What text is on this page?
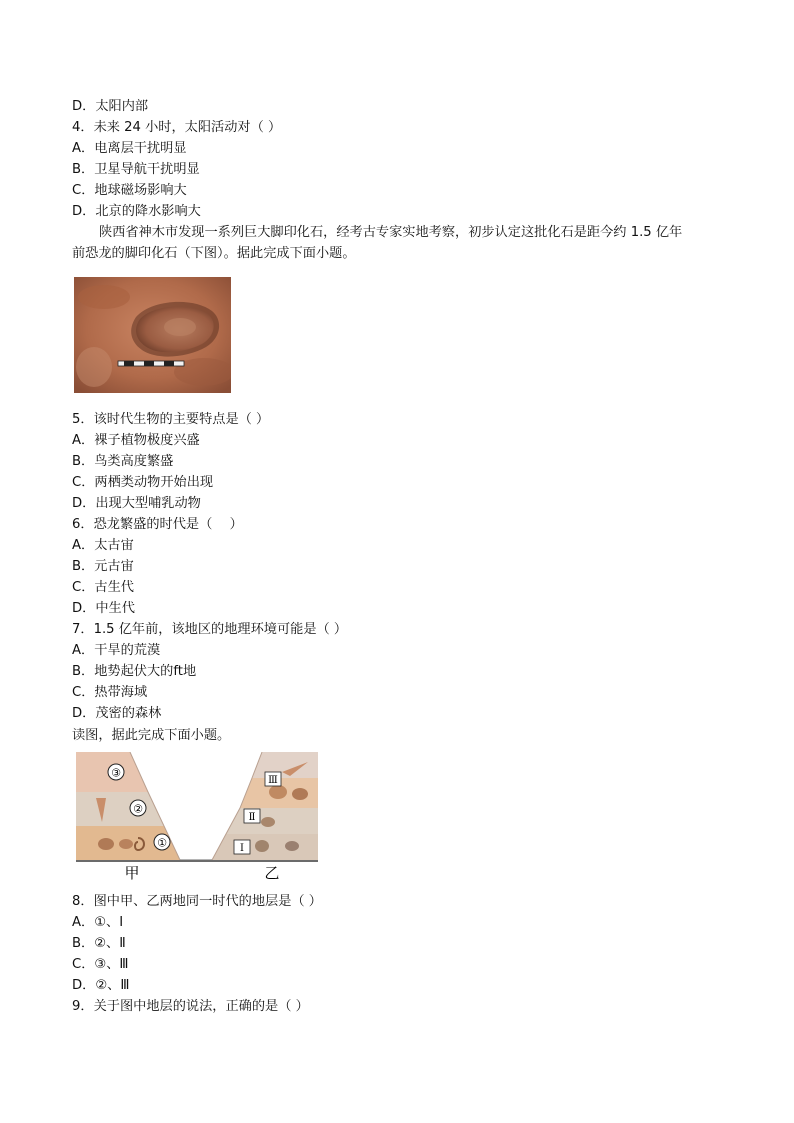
D．太阳内部
4．未来 24 小时，太阳活动对（ ）
A．电离层干扰明显
B．卫星导航干扰明显
C．地球磁场影响大
D．北京的降水影响大
陕西省神木市发现一系列巨大脚印化石，经考古专家实地考察，初步认定这批化石是距今约 1.5 亿年
前恐龙的脚印化石（下图）。据此完成下面小题。
5．该时代生物的主要特点是（ ）
A．裸子植物极度兴盛
B．鸟类高度繁盛
C．两栖类动物开始出现
D．出现大型哺乳动物
6．恐龙繁盛的时代是（　 ）
A．太古宙
B．元古宙
C．古生代
D．中生代
7．1.5 亿年前，该地区的地理环境可能是（ ）
A．干旱的荒漠
B．地势起伏大的ft地
C．热带海域
D．茂密的森林
读图，据此完成下面小题。
③
②
①
Ⅲ
Ⅱ
Ⅰ
甲	乙
8．图中甲、乙两地同一时代的地层是（ ）
A．①、Ⅰ
B．②、Ⅱ
C．③、Ⅲ
D．②、Ⅲ
9．关于图中地层的说法，正确的是（ ）
